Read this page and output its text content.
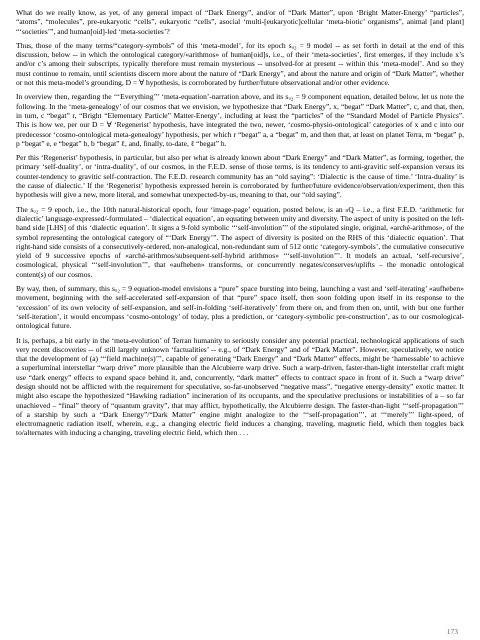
What do we really know, as yet, of any general impact of “Dark Energy”, and/or of “Dark Matter”, upon ‘Bright Matter-Energy’ “particles”, “atoms”, “molecules”, pre-eukaryotic “cells”, eukaryotic “cells”, asocial ‘multi-[eukaryotic]cellular ‘meta-biotic’ organisms”, animal [and plant] “‘societies’”, and human[oid]-led ‘meta-societies’?

Thus, those of the many terms/“category-symbols” of this ‘meta-model’, for its epoch sᵤ₂ = 9 model -- as set forth in detail at the end of this discussion, below -- in which the ontological category/«arithmos» of human[oid]s, i.e., of their ‘meta-societies’, first emerges, if they include x’s and/or c’s among their subscripts, typically therefore must remain mysterious -- unsolved-for at present -- within this ‘meta-model’. And so they must continue to remain, until scientists discern more about the nature of “Dark Energy”, and about the nature and origin of “Dark Matter”, whether or not this meta-model’s grounding, D = ∀ hypothesis, is corroborated by further/future observational and/or other evidence.

In overview then, regarding the ‘‘‘Everything’’’ ‘meta-equation’-narration above, and its sᵤ₂ = 9 component equation, detailed below, let us note the following. In the ‘meta-genealogy’ of our cosmos that we envision, we hypothesize that “Dark Energy”, x, “begat” “Dark Matter”, c, and that, then, in turn, c “begat” r, “Bright “Elementary Particle” Matter-Energy’, including at least the “particles” of the “Standard Model of Particle Physics”. This is how we, per our D = ∀ ‘Regenerist’ hypothesis, have integrated the two, newer, ‘cosmo-physio-ontological’ categories of x and c into our predecessor ‘cosmo-ontological meta-genealogy’ hypothesis, per which r “begat” a, a “begat” m, and then that, at least on planet Terra, m “begat” p, p “begat” e, e “begat” b, b “begat” ℓ, and, finally, to-date, ℓ “begat” h.

Per this ‘Regenerist’ hypothesis, in particular, but also per what is already known about “Dark Energy” and “Dark Matter”, as forming, together, the primary ‘self-duality’, or ‘intra-duality’, of our cosmos, in the F.E.D. sense of those terms, is its tendency to anti-gravitic self-expansion versus its counter-tendency to gravitic self-contraction. The F.E.D. research community has an “old saying”: ‘Dialectic is the cause of time.’ ‘Intra-duality’ is the cause of dialectic.’ If the ‘Regenerist’ hypothesis expressed herein is corroborated by further/future evidence/observation/experiment, then this hypothesis will give a new, more literal, and somewhat unexpected-by-us, meaning to that, our “old saying”.

The sᵤ₂ = 9 epoch, i.e., the 10th natural-historical epoch, four ‘image-page’ equation, posted below, is an ₙQ – i.e., a first F.E.D. ‘arithmetic for dialectic’ language-expressed/-formulated – ‘dialectical equation’, an equating between unity and diversity. The aspect of unity is posited on the left-hand side [LHS] of this ‘dialectic equation’. It signs a 9-fold symbolic ‘‘‘self-involution’’’ of the stipulated single, original, «arché-arithmos», of the symbol representing the ontological category of “‘Dark Energy’”. The aspect of diversity is posited on the RHS of this ‘dialectic equation’. That right-hand side consists of a consecutively-ordered, non-analogical, non-redundant sum of 512 ontic ‘category-symbols’, the cumulative consecutive yield of 9 successive epochs of «arché-arithmos/subsequent-self-hybrid arithmos» ‘‘‘self-involution’’’. It models an actual, ‘self-recursive’, cosmological, physical ‘‘‘self-involution’’’, that «aufheben» transforms, or concurrently negates/conserves/uplifts – the monadic ontological content(s) of our cosmos.

By way, then, of summary, this sᵤ₂ = 9 equation-model envisions a “pure” space bursting into being, launching a vast and ‘self-iterating’ «aufheben» movement, beginning with the self-accelerated self-expansion of that “pure” space itself, then soon folding upon itself in its response to the ‘excession’ of its own velocity of self-expansion, and self-in-folding ‘self-iteratively’ from there on, and from then on, until, with but one further ‘self-iteration’, it would encompass ‘cosmo-ontology’ of today, plus a prediction, or ‘category-symbolic pre-construction’, as to our cosmological-ontological future.

It is, perhaps, a bit early in the ‘meta-evolution’ of Terran humanity to seriously consider any potential practical, technological applications of such very recent discoveries -- of still largely unknown ‘factualities’ -- e.g., of “Dark Energy” and of “Dark Matter”. However, speculatively, we notice that the development of (a) ‘‘‘field machine(s)’’’, capable of generating “Dark Energy” and “Dark Matter” effects, might be ‘harnessable’ to achieve a superluminal interstellar “warp drive” more plausible than the Alcubierre warp drive. Such a warp-driven, faster-than-light interstellar craft might use “dark energy” effects to expand space behind it, and, concurrently, “dark matter” effects to contract space in front of it. Such a “warp drive” design should not be afflicted with the requirement for speculative, so-far-unobserved “negative mass”, “negative energy-density” exotic matter. It might also escape the hypothesized “Hawking radiation” incineration of its occupants, and the speculative preclusions or instabilities of a – so far unachieved – “final” theory of “quantum gravity”, that may afflict, hypothetically, the Alcubierre design. The faster-than-light ‘‘‘self-propagation’’’ of a starship by such a “Dark Energy”/“Dark Matter” engine might analogize to the ‘‘‘self-propagation’’’, at ‘‘‘merely’’’ light-speed, of electromagnetic radiation itself, wherein, e.g., a changing electric field induces a changing, traveling, magnetic field, which then toggles back to/alternates with inducing a changing, traveling electric field, which then . . .

173
